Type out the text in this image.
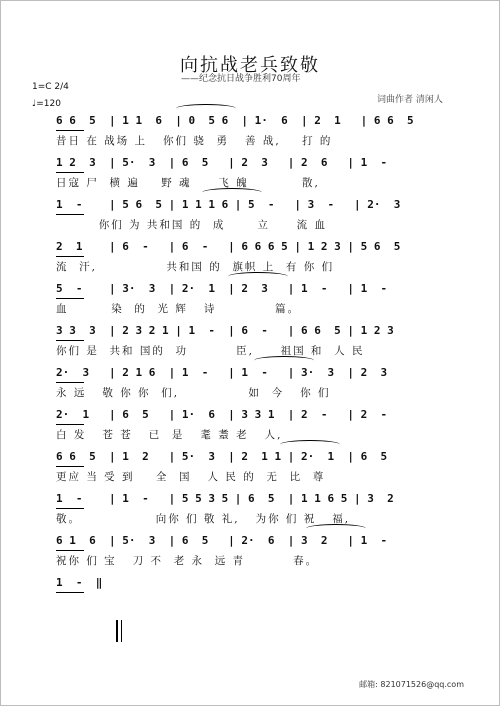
向抗战老兵致敬
——纪念抗日战争胜利70周年
1=C 2/4
♩=120	词曲作者 清闲人
6 6  5  | 1 1  6  | 0  5 6  | 1·  6  | 2  1   | 6 6  5
昔日 在 战场 上   你们 骁  勇   善 战,    打 的
1 2  3  | 5·  3  | 6  5   | 2  3   | 2  6   | 1  -
日寇 尸  横 遍    野 魂     飞 魄          散,
1  -    | 5 6  5 | 1 1 1 6 | 5  -   | 3  -   | 2·  3
你们 为 共和国 的  成      立     流 血
2  1    | 6  -   | 6  -   | 6 6 6 5 | 1 2 3 | 5 6  5
流  汗,             共和国 的  旗帜 上  有 你 们
5  -    | 3·  3  | 2·  1  | 2  3   | 1  -   | 1  -
血        染  的  光 辉   诗           篇。
3 3  3  | 2 3 2 1 | 1  -  | 6  -   | 6 6  5 | 1 2 3
你们 是  共和 国的  功         臣,     祖国 和  人 民
2·  3   | 2 1 6  | 1  -   | 1  -   | 3·  3  | 2  3
永 远   敬 你 你  们,             如  今   你 们
2·  1   | 6  5   | 1·  6  | 3 3 1  | 2  -   | 2  -
白 发   苍 苍   已  是   耄 耋 老   人,
6 6  5  | 1  2   | 5·  3  | 2  1 1 | 2·  1  | 6  5
更应 当 受 到    全  国   人 民 的  无  比  尊
1  -    | 1  -   | 5 5 3 5 | 6  5  | 1 1 6 5 | 3  2
敬。              向你 们 敬 礼,   为你 们 祝   福,
6 1  6  | 5·  3  | 6  5   | 2·  6  | 3  2   | 1  -
祝你 们 宝   刀 不  老 永  远 青         春。
1  -  ‖
邮箱: 821071526@qq.com
